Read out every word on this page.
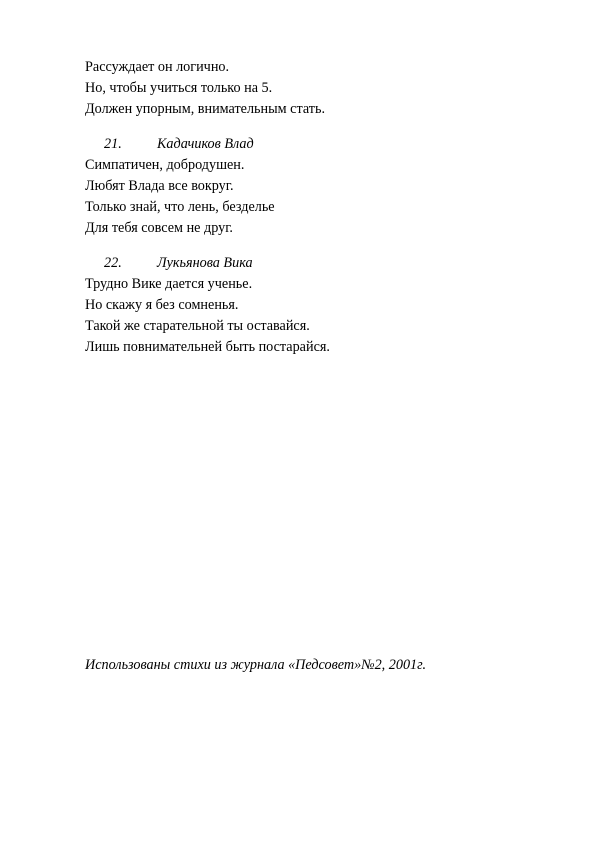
Рассуждает он логично.
Но, чтобы учиться только на 5.
Должен упорным, внимательным стать.
21. Кадачиков Влад
Симпатичен, добродушен.
Любят Влада все вокруг.
Только знай, что лень, безделье
Для тебя совсем не друг.
22. Лукьянова Вика
Трудно Вике дается ученье.
Но скажу я без сомненья.
Такой же старательной ты оставайся.
Лишь повнимательней быть постарайся.
Использованы стихи из журнала «Педсовет»№2, 2001г.
